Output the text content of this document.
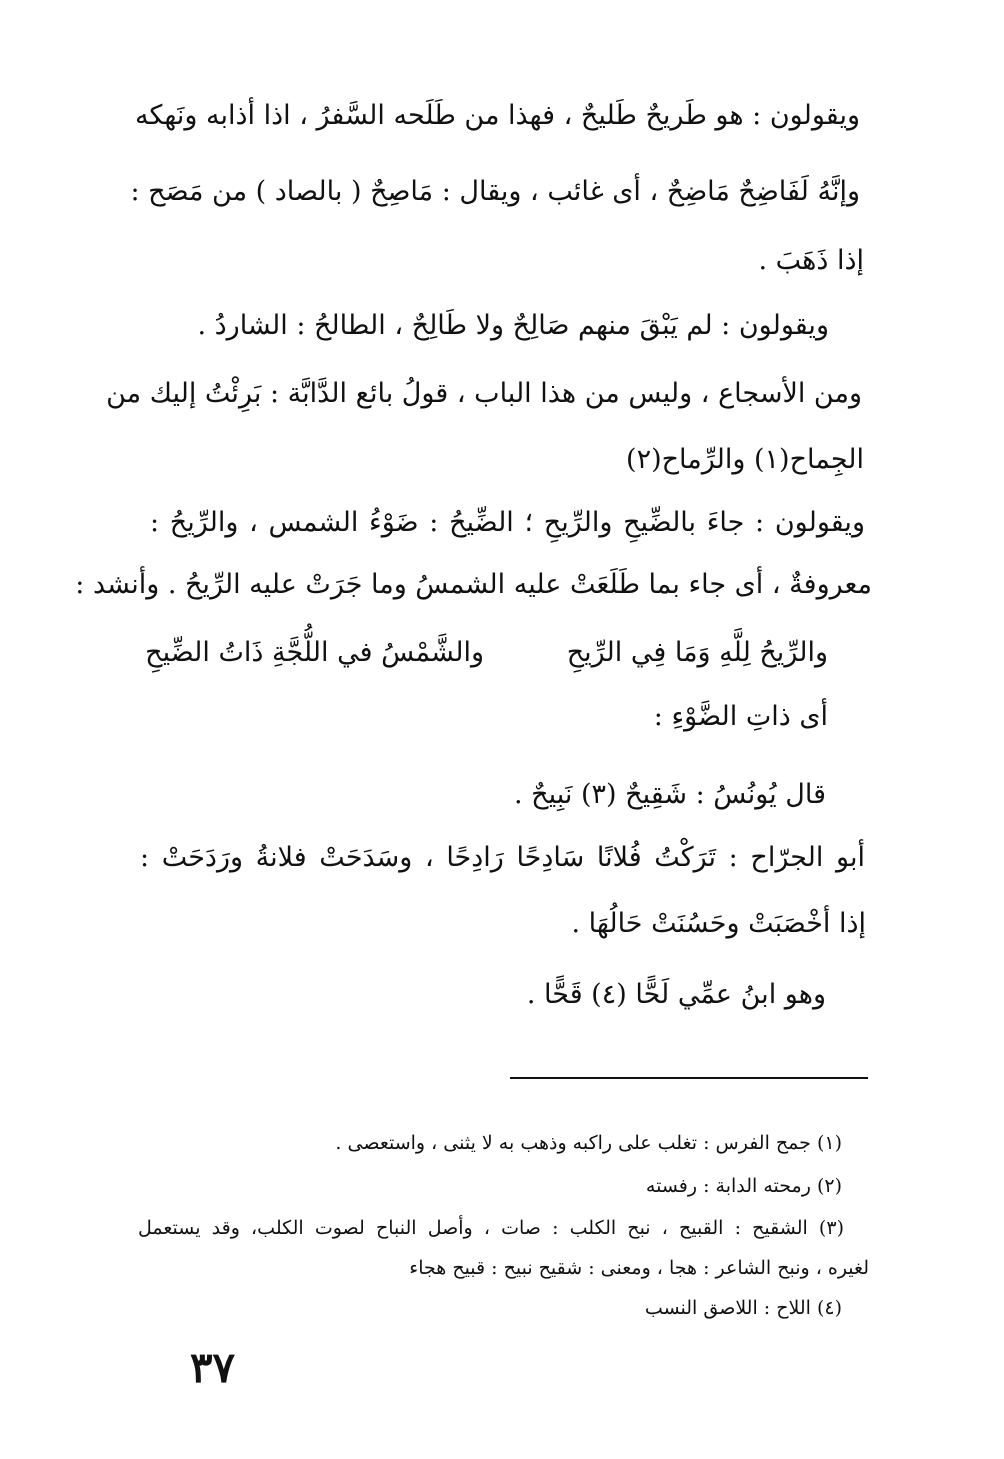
ويقولون : هو طَريحٌ طَليحٌ ، فهذا من طَلَحه السَّفرُ ، اذا أذابه ونَهكه
وإنَّهُ لَفَاضِحٌ مَاضِحٌ ، أى غائب ، ويقال : مَاصِحٌ ( بالصاد ) من مَصَح :
إذا ذَهَبَ .
ويقولون : لم يَبْقَ منهم صَالِحٌ ولا طَالِحٌ ، الطالحُ : الشاردُ .
ومن الأسجاع ، وليس من هذا الباب ، قولُ بائع الدَّابَّة : بَرِئْتُ إليك من
الجِماح(١) والرِّماح(٢)
ويقولون : جاءَ بالضِّيحِ والرِّيحِ ؛ الضِّيحُ : ضَوْءُ الشمس ، والرِّيحُ :
معروفةٌ ، أى جاء بما طَلَعَتْ عليه الشمسُ وما جَرَتْ عليه الرِّيحُ . وأنشد :
والرِّيحُ لِلَّهِ وَمَا فِي الرِّيحِ
والشَّمْسُ في اللُّجَّةِ ذَاتُ الضِّيحِ
أى ذاتِ الضَّوْءِ :
قال يُونُسُ : شَقِيحٌ (٣) نَبِيحٌ .
أبو الجرّاح : تَرَكْتُ فُلانًا سَادِحًا رَادِحًا ، وسَدَحَتْ فلانةُ ورَدَحَتْ :
إذا أخْصَبَتْ وحَسُنَتْ حَالُهَا .
وهو ابنُ عمِّي لَحًّا (٤) قَحًّا .
(١) جمح الفرس : تغلب على راكبه وذهب به لا يثنى ، واستعصى .
(٢) رمحته الدابة : رفسته
(٣) الشقيح : القبيح ، نبح الكلب : صات ، وأصل النباح لصوت الكلب، وقد يستعمل
لغيره ، ونبح الشاعر : هجا ، ومعنى : شقيح نبيح : قبيح هجاء
(٤) اللاح : اللاصق النسب
٣٧
